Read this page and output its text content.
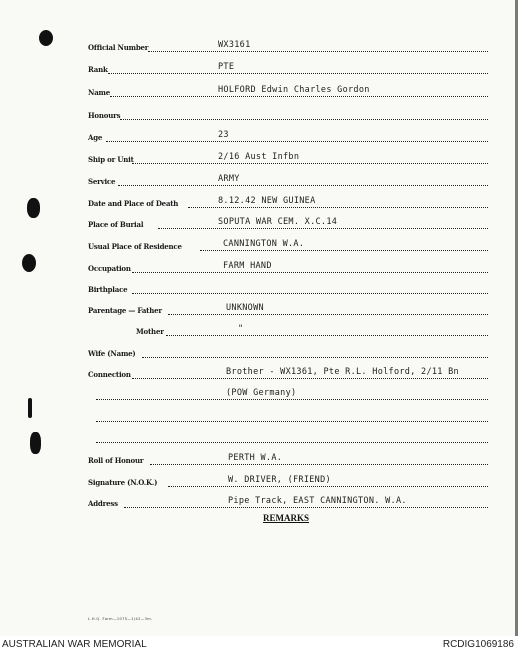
Official Number	WX3161
Rank	PTE
Name	HOLFORD Edwin Charles Gordon
Honours
Age	23
Ship or Unit	2/16 Aust Infbn
Service	ARMY
Date and Place of Death	8.12.42 NEW GUINEA
Place of Burial	SOPUTA WAR CEM. X.C.14
Usual Place of Residence	CANNINGTON W.A.
Occupation	FARM HAND
Birthplace
Parentage — Father	UNKNOWN
Mother	"
Wife (Name)
Connection	Brother - WX1361, Pte R.L. Holford, 2/11 Bn
(POW Germany)
Roll of Honour	PERTH W.A.
Signature (N.O.K.)	W. DRIVER, (FRIEND)
Address	Pipe Track, EAST CANNINGTON. W.A.
REMARKS
L.H.Q. Form—1075—1/42—3m.
AUSTRALIAN WAR MEMORIAL	RCDIG1069186
